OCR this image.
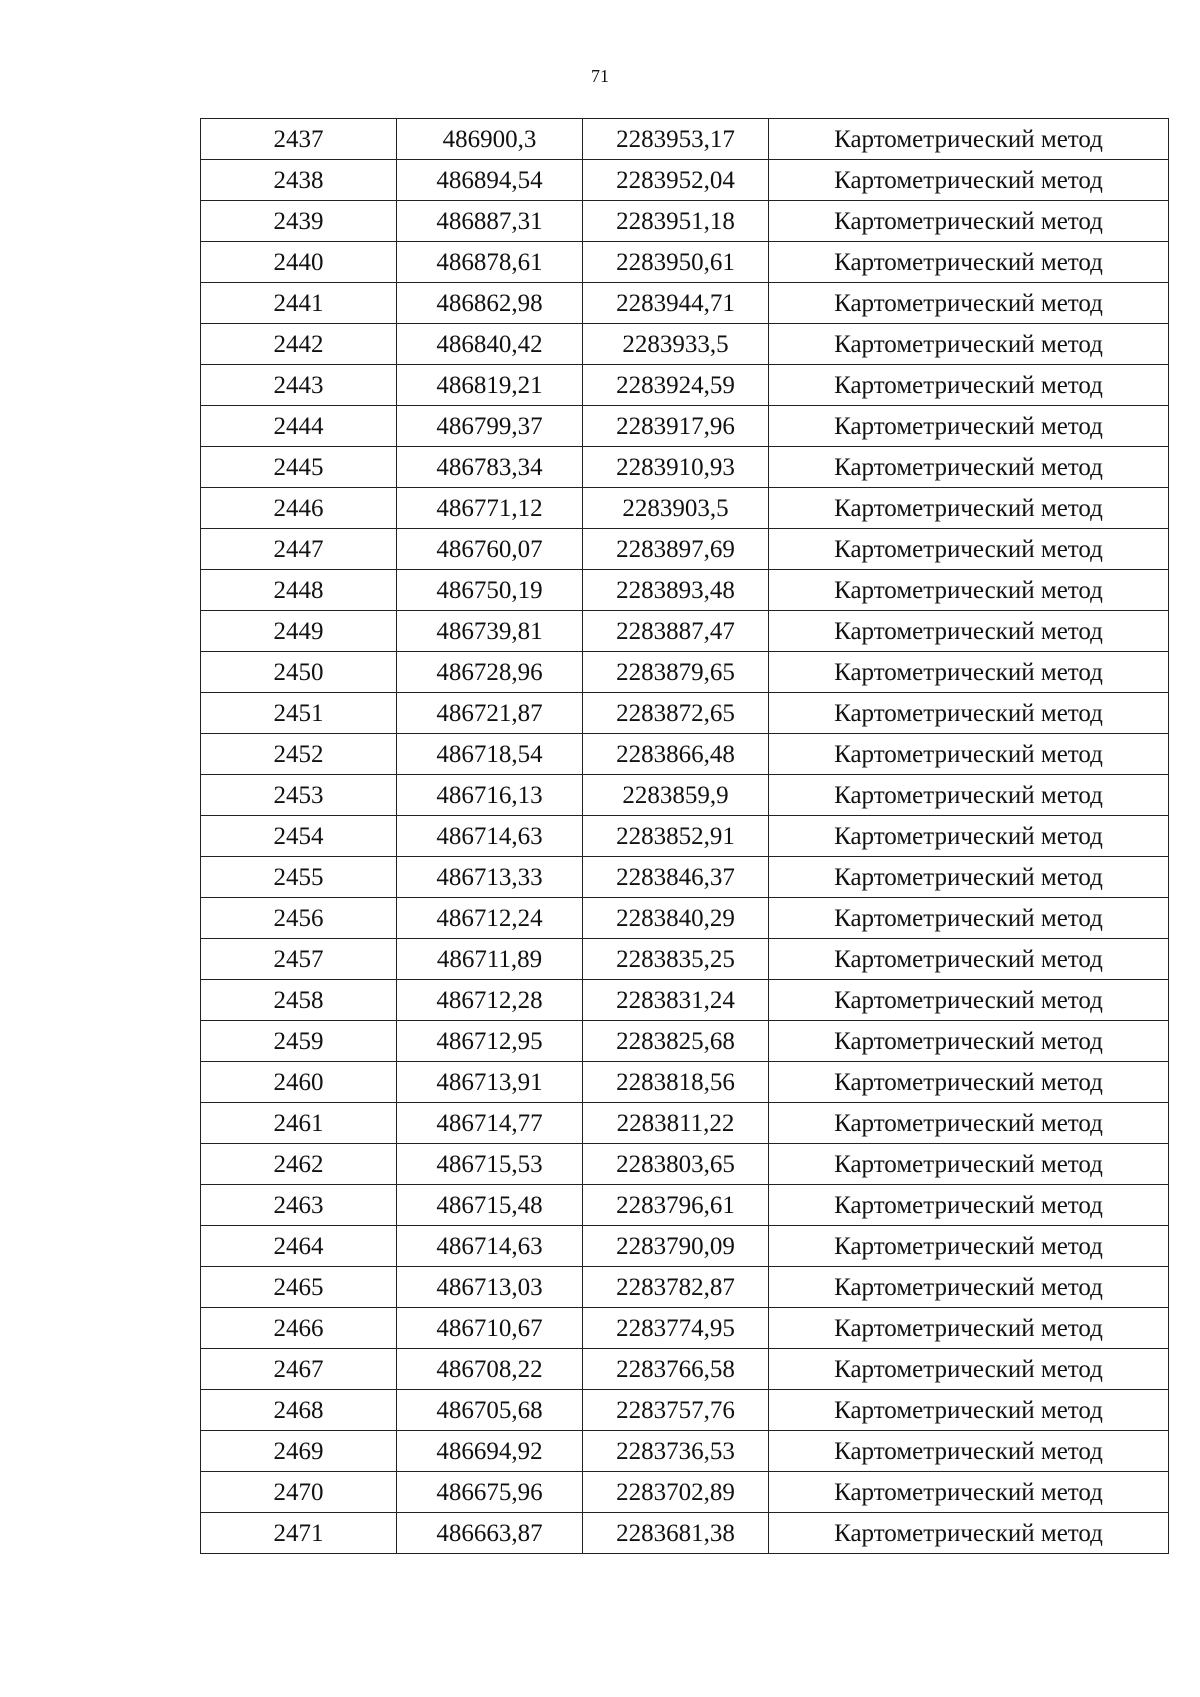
71
2437	486900,3	2283953,17	Картометрический метод
2438	486894,54	2283952,04	Картометрический метод
2439	486887,31	2283951,18	Картометрический метод
2440	486878,61	2283950,61	Картометрический метод
2441	486862,98	2283944,71	Картометрический метод
2442	486840,42	2283933,5	Картометрический метод
2443	486819,21	2283924,59	Картометрический метод
2444	486799,37	2283917,96	Картометрический метод
2445	486783,34	2283910,93	Картометрический метод
2446	486771,12	2283903,5	Картометрический метод
2447	486760,07	2283897,69	Картометрический метод
2448	486750,19	2283893,48	Картометрический метод
2449	486739,81	2283887,47	Картометрический метод
2450	486728,96	2283879,65	Картометрический метод
2451	486721,87	2283872,65	Картометрический метод
2452	486718,54	2283866,48	Картометрический метод
2453	486716,13	2283859,9	Картометрический метод
2454	486714,63	2283852,91	Картометрический метод
2455	486713,33	2283846,37	Картометрический метод
2456	486712,24	2283840,29	Картометрический метод
2457	486711,89	2283835,25	Картометрический метод
2458	486712,28	2283831,24	Картометрический метод
2459	486712,95	2283825,68	Картометрический метод
2460	486713,91	2283818,56	Картометрический метод
2461	486714,77	2283811,22	Картометрический метод
2462	486715,53	2283803,65	Картометрический метод
2463	486715,48	2283796,61	Картометрический метод
2464	486714,63	2283790,09	Картометрический метод
2465	486713,03	2283782,87	Картометрический метод
2466	486710,67	2283774,95	Картометрический метод
2467	486708,22	2283766,58	Картометрический метод
2468	486705,68	2283757,76	Картометрический метод
2469	486694,92	2283736,53	Картометрический метод
2470	486675,96	2283702,89	Картометрический метод
2471	486663,87	2283681,38	Картометрический метод
